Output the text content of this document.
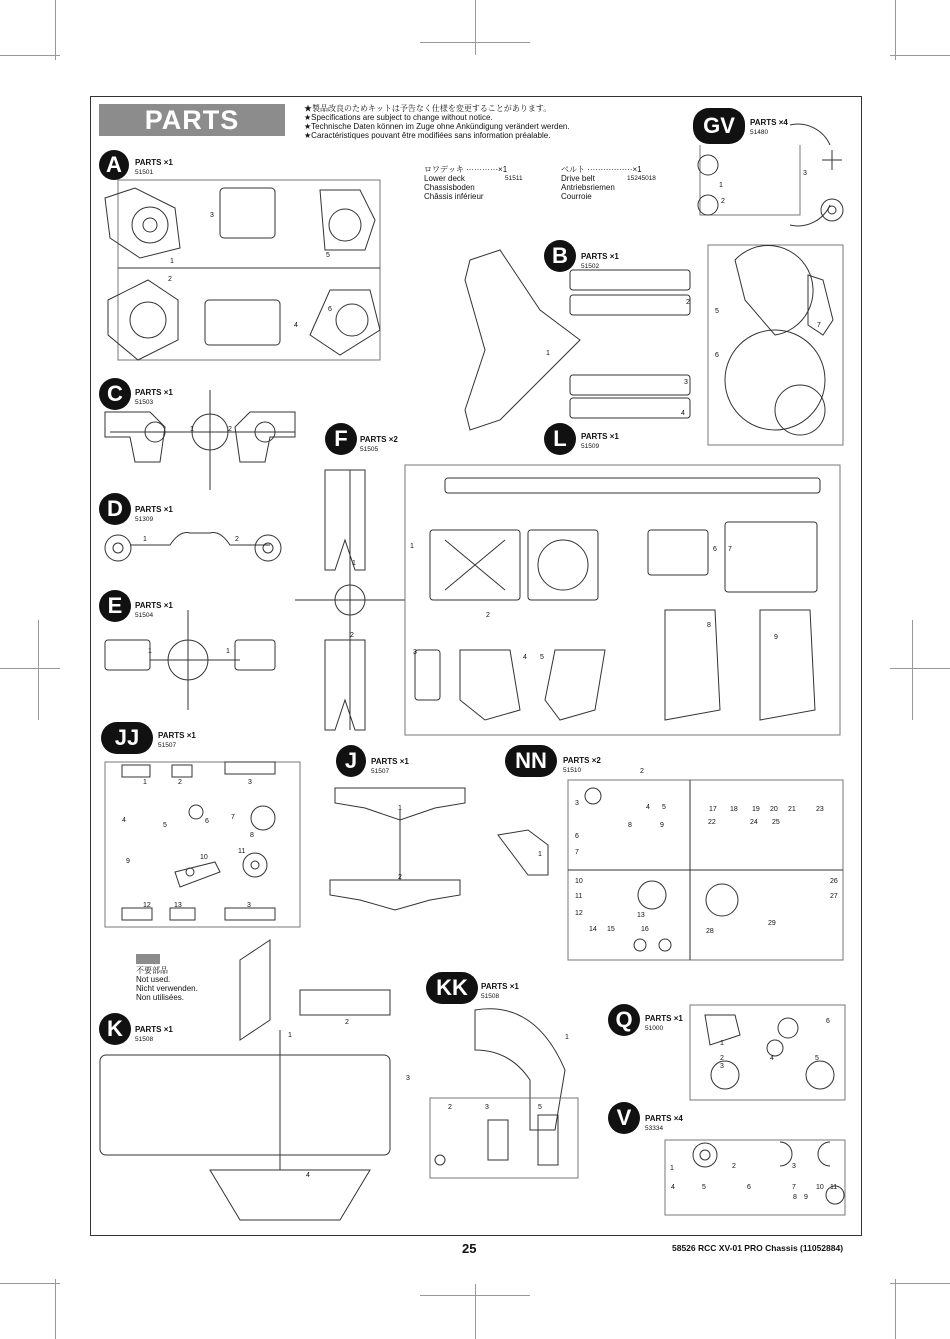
PARTS	★製品改良のためキットは予告なく仕様を変更することがあります。
★Specifications are subject to change without notice.
★Technische Daten können im Zuge ohne Ankündigung verändert werden.
★Caractéristiques pouvant être modifiées sans information préalable.
ロワデッキ ············×1
Lower deck
Chassisboden
Châssis inférieur
51511
ベルト ·················×1
Drive belt
Antriebsriemen
Courroie
15245018
不要部品
Not used.
Nicht verwenden.
Non utilisées.
A	PARTS ×1
51501
GV	PARTS ×4
51480
B	PARTS ×1
51502
C	PARTS ×1
51503
F	PARTS ×2
51505	L	PARTS ×1
51509
D	PARTS ×1
51309
E	PARTS ×1
51504
JJ	PARTS ×1
51507
J	PARTS ×1
51507	NN	PARTS ×2
51510
K	PARTS ×1
51508
KK	PARTS ×1
51508
Q	PARTS ×1
51000
V	PARTS ×4
53334
3
1
2
5
4
6
1
2
3
1
2
3
4
5
6
7
1	2
1
2
1
2
3
4 5
6 7
8
9
1	2
1	1
1	2	3
4
5
6
7
8
9
10
11
12	13	3
1
2
1
2
3
4 5
6
7
8	9
10
11
12	13
14 15	16
17 18 19 20 21
22
23
24 25
26
27
28
29
1
2
3
4
1
2	3	5
1
2
3
4	5
6
1	2	3
4	5	6	7
8 9
10 11
25	58526 RCC XV-01 PRO Chassis (11052884)
